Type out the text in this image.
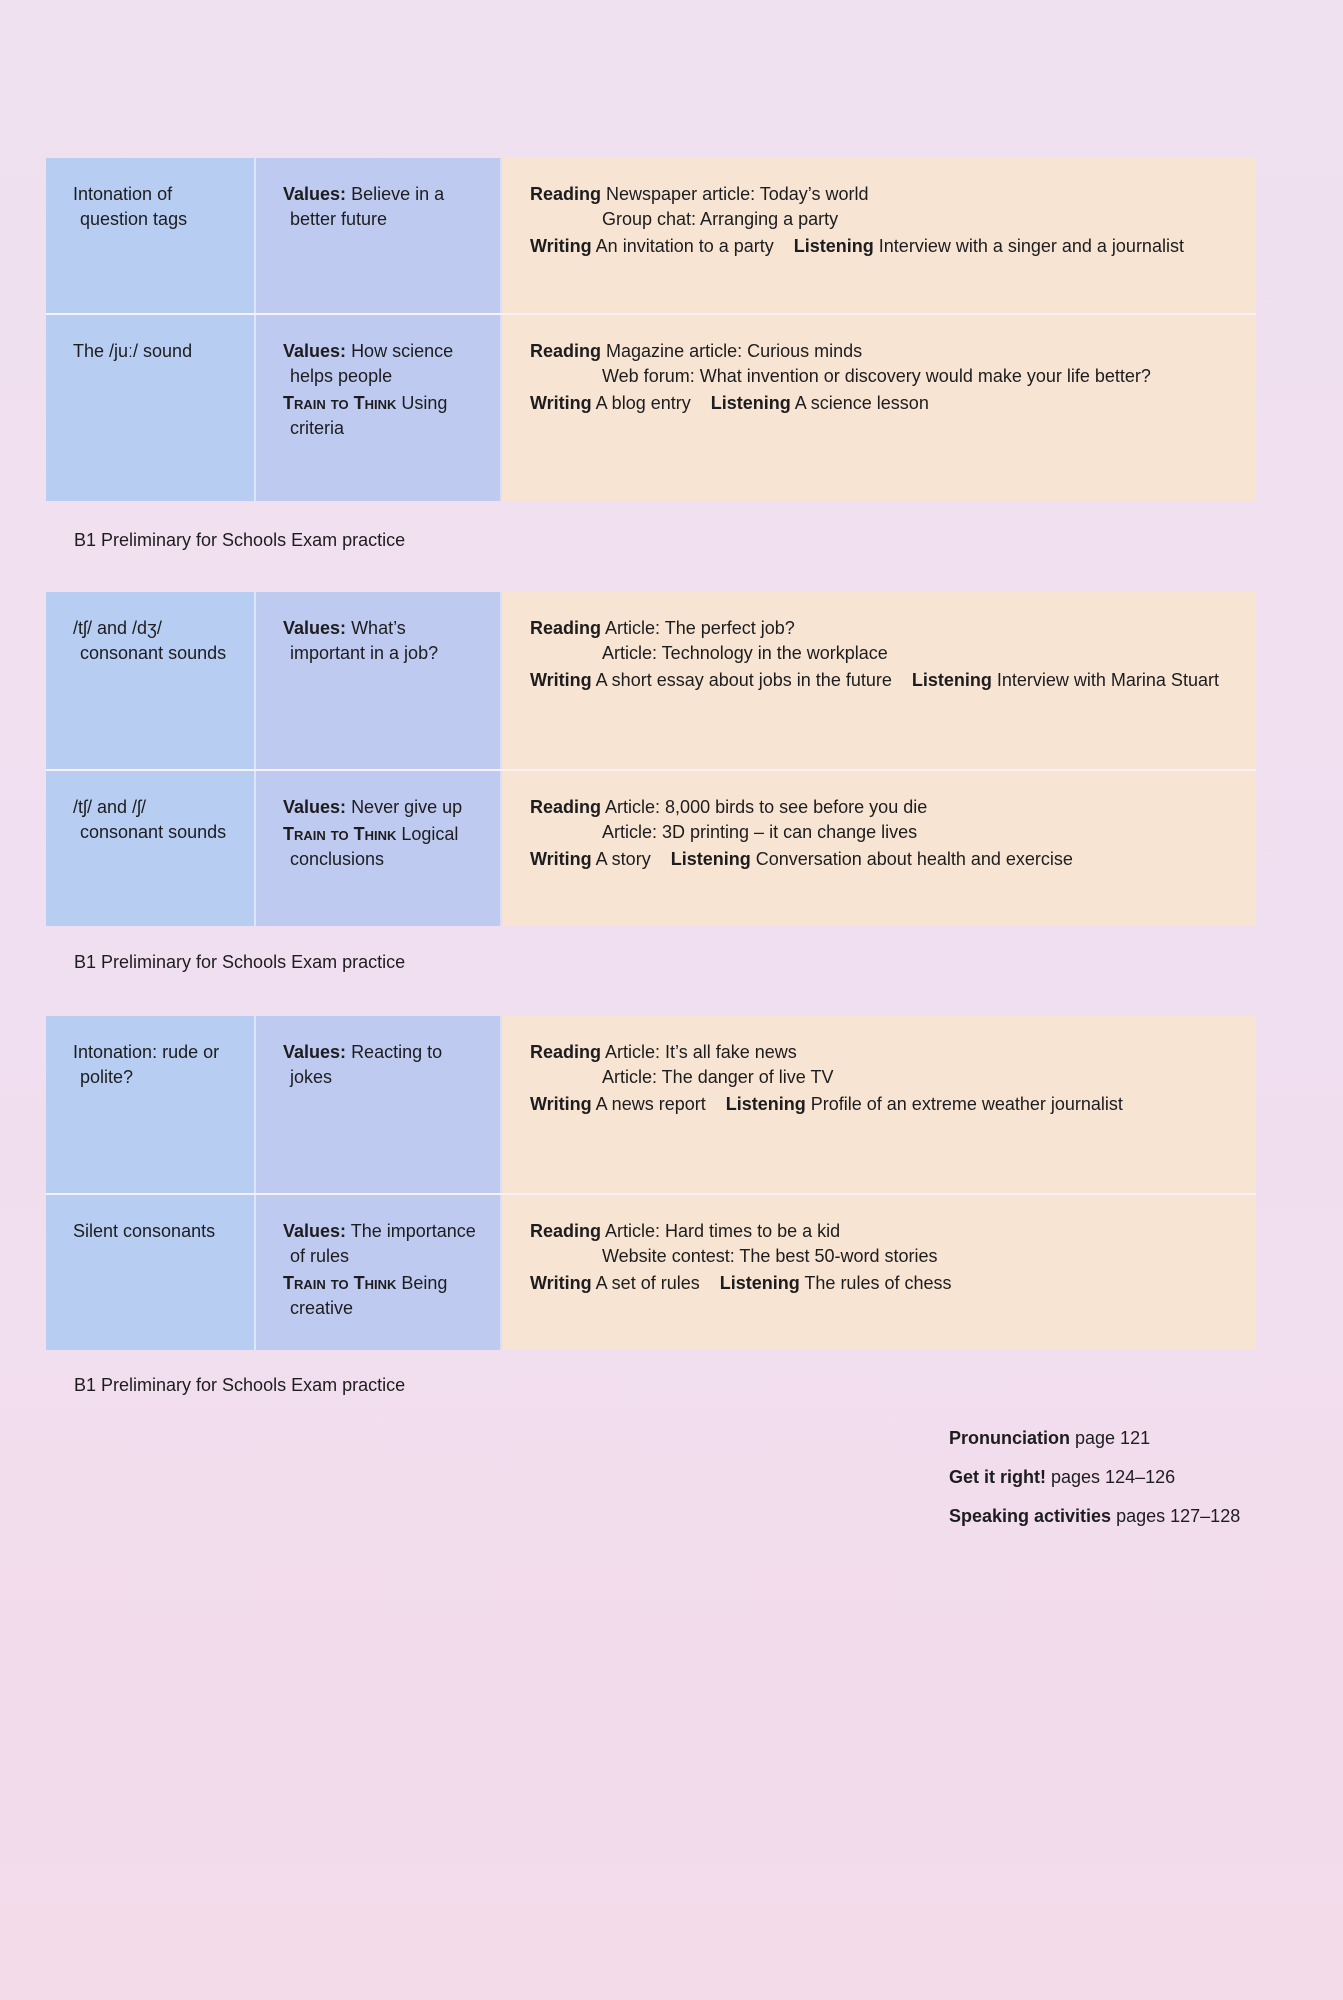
Intonation of
question tags
Values: Believe in a
better future
Reading Newspaper article: Today’s world
Group chat: Arranging a party
Writing An invitation to a party Listening Interview with a singer and a journalist
The /juː/ sound	Values: How science
helps people
Train to Think Using
criteria
Reading Magazine article: Curious minds
Web forum: What invention or discovery would make your life better?
Writing A blog entry Listening A science lesson
B1 Preliminary for Schools Exam practice
/tʃ/ and /dʒ/
consonant sounds
Values: What’s
important in a job?
Reading Article: The perfect job?
Article: Technology in the workplace
Writing A short essay about jobs in the future Listening Interview with Marina Stuart
/tʃ/ and /ʃ/
consonant sounds
Values: Never give up
Train to Think Logical
conclusions
Reading Article: 8,000 birds to see before you die
Article: 3D printing – it can change lives
Writing A story Listening Conversation about health and exercise
B1 Preliminary for Schools Exam practice
Intonation: rude or
polite?
Values: Reacting to
jokes
Reading Article: It’s all fake news
Article: The danger of live TV
Writing A news report Listening Profile of an extreme weather journalist
Silent consonants	Values: The importance
of rules
Train to Think Being
creative
Reading Article: Hard times to be a kid
Website contest: The best 50-word stories
Writing A set of rules Listening The rules of chess
B1 Preliminary for Schools Exam practice
Pronunciation page 121
Get it right! pages 124–126
Speaking activities pages 127–128
